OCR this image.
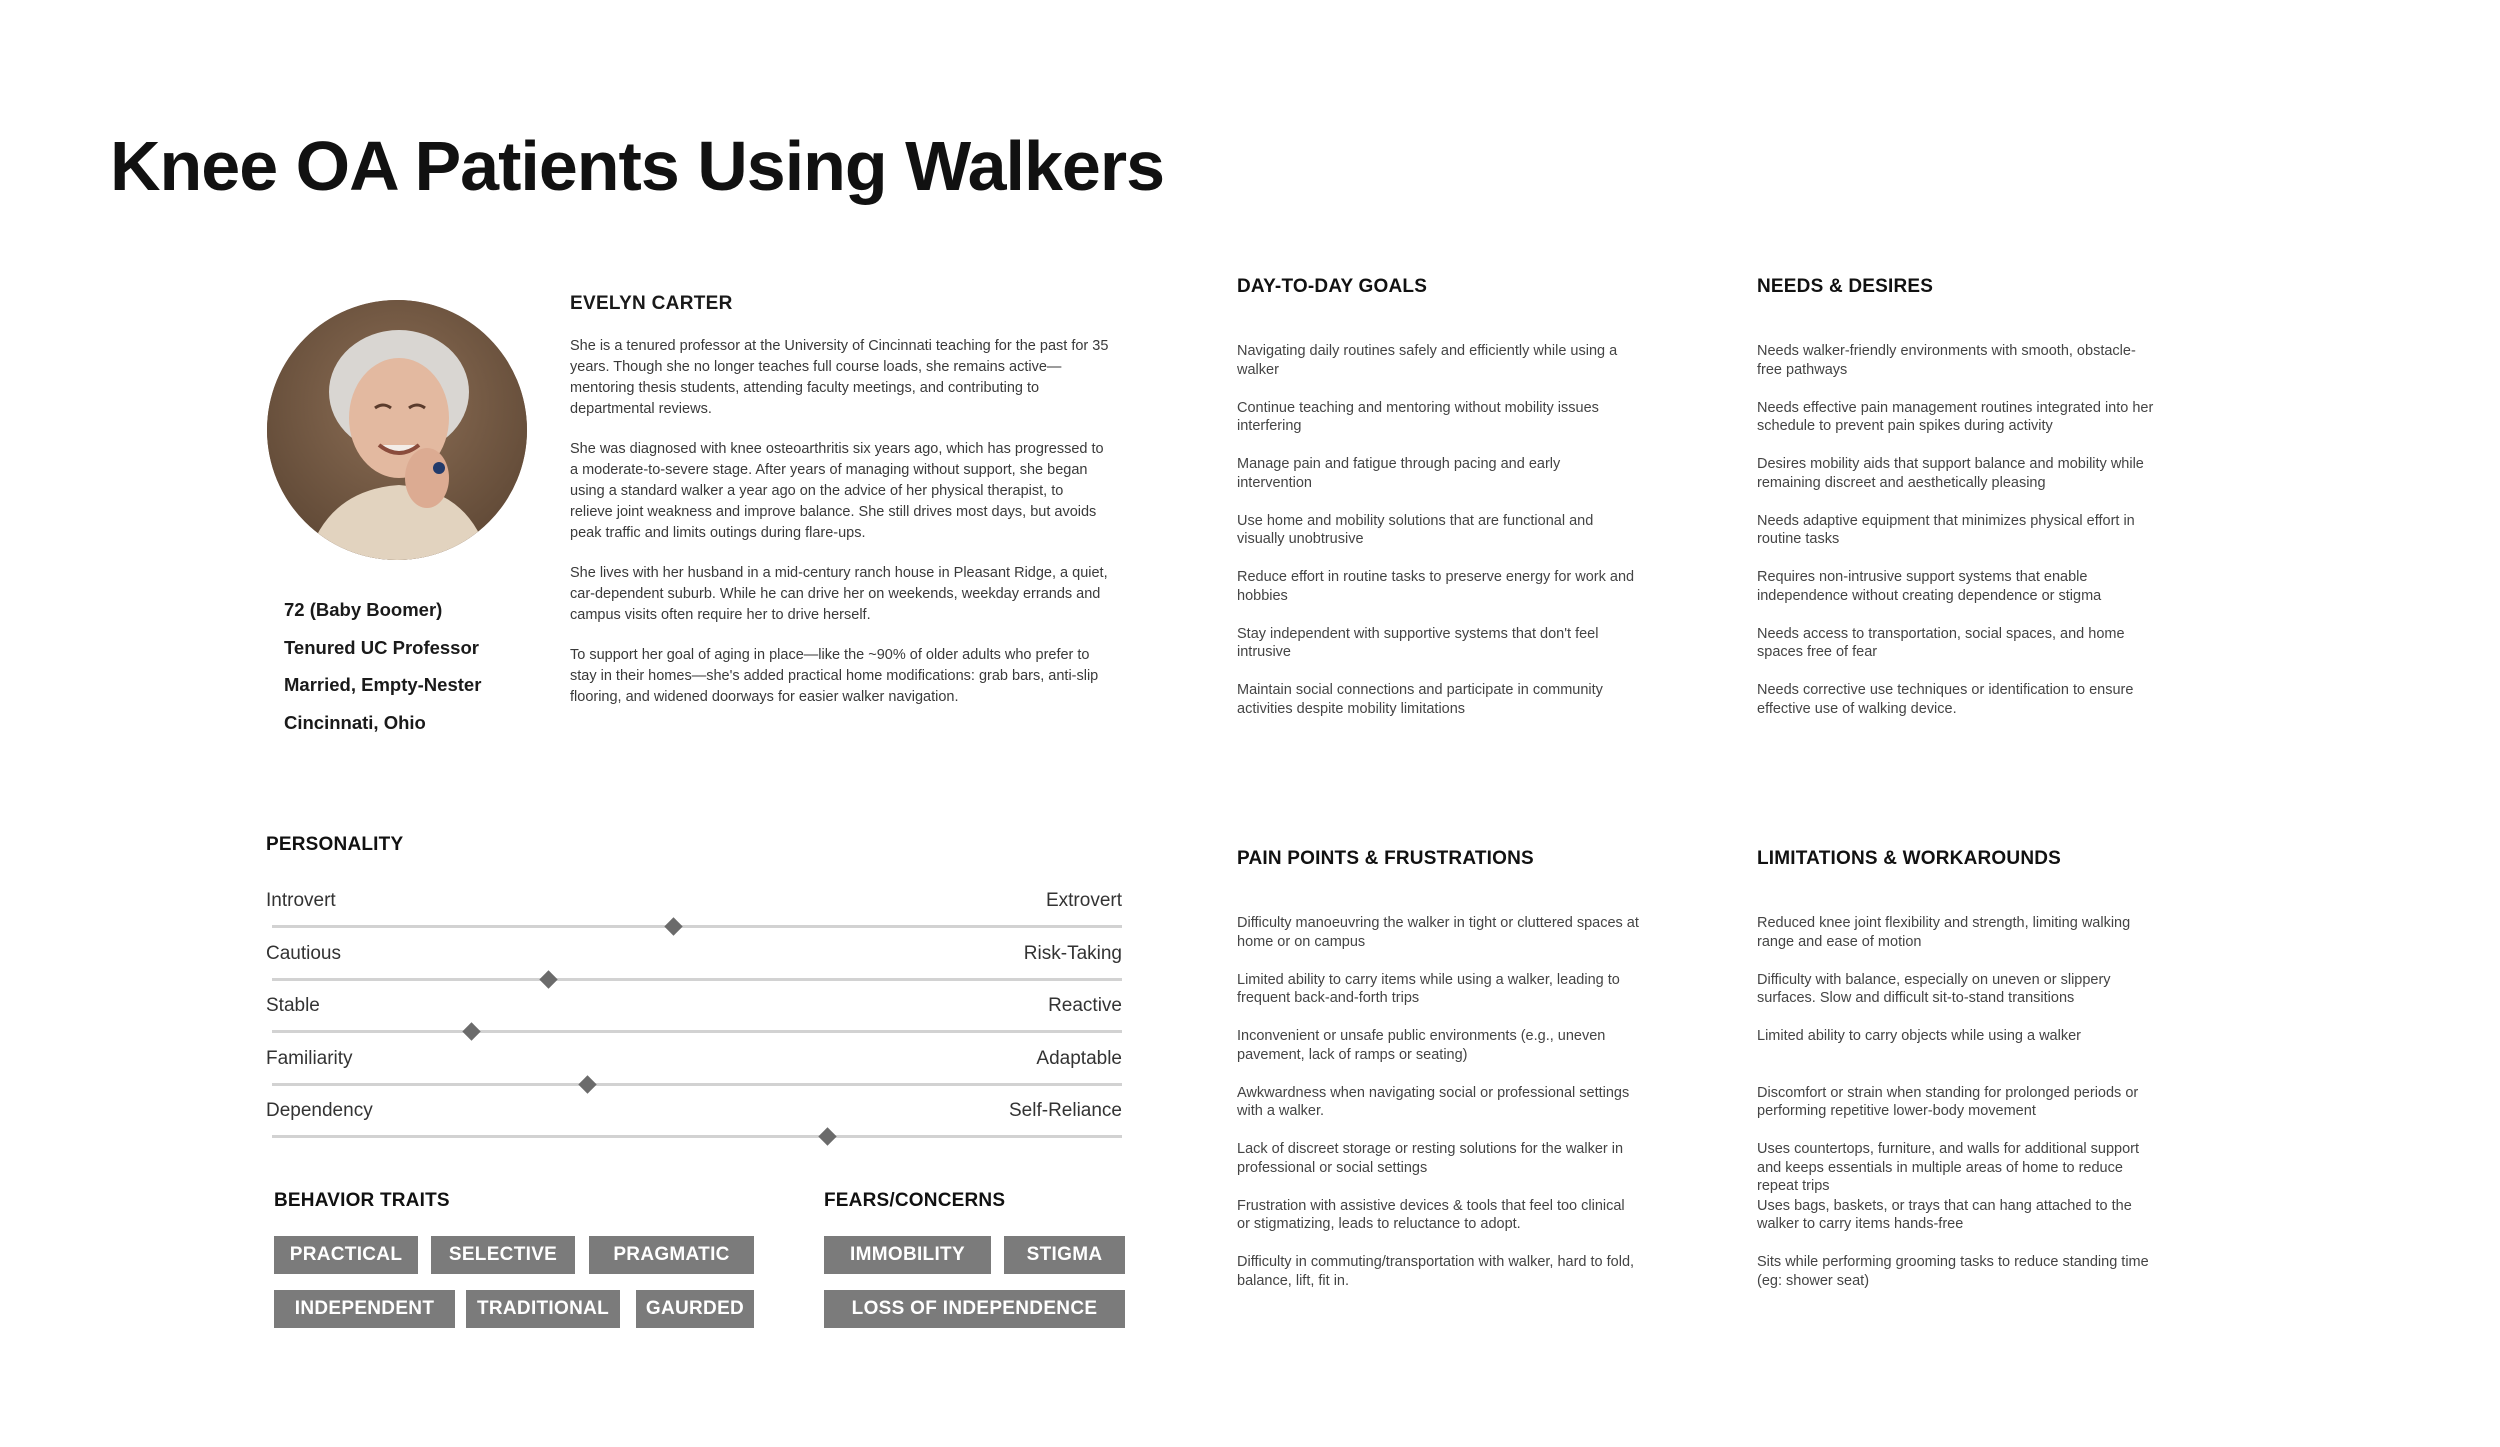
Knee OA Patients Using Walkers
EVELYN CARTER

She is a tenured professor at the University of Cincinnati teaching for the past for 35 years. Though she no longer teaches full course loads, she remains active—mentoring thesis students, attending faculty meetings, and contributing to departmental reviews.

She was diagnosed with knee osteoarthritis six years ago, which has progressed to a moderate-to-severe stage. After years of managing without support, she began using a standard walker a year ago on the advice of her physical therapist, to relieve joint weakness and improve balance. She still drives most days, but avoids peak traffic and limits outings during flare-ups.

She lives with her husband in a mid-century ranch house in Pleasant Ridge, a quiet, car-dependent suburb. While he can drive her on weekends, weekday errands and campus visits often require her to drive herself.

To support her goal of aging in place—like the ~90% of older adults who prefer to stay in their homes—she's added practical home modifications: grab bars, anti-slip flooring, and widened doorways for easier walker navigation.

72 (Baby Boomer)
Tenured UC Professor
Married, Empty-Nester
Cincinnati, Ohio
DAY-TO-DAY GOALS
Navigating daily routines safely and efficiently while using a walker
Continue teaching and mentoring without mobility issues interfering
Manage pain and fatigue through pacing and early intervention
Use home and mobility solutions that are functional and visually unobtrusive
Reduce effort in routine tasks to preserve energy for work and hobbies
Stay independent with supportive systems that don't feel intrusive
Maintain social connections and participate in community activities despite mobility limitations
NEEDS & DESIRES
Needs walker-friendly environments with smooth, obstacle-free pathways
Needs effective pain management routines integrated into her schedule to prevent pain spikes during activity
Desires mobility aids that support balance and mobility while remaining discreet and aesthetically pleasing
Needs adaptive equipment that minimizes physical effort in routine tasks
Requires non-intrusive support systems that enable independence without creating dependence or stigma
Needs access to transportation, social spaces, and home spaces free of fear
Needs corrective use techniques or identification to ensure effective use of walking device.
PAIN POINTS & FRUSTRATIONS
Difficulty manoeuvring the walker in tight or cluttered spaces at home or on campus
Limited ability to carry items while using a walker, leading to frequent back-and-forth trips
Inconvenient or unsafe public environments (e.g., uneven pavement, lack of ramps or seating)
Awkwardness when navigating social or professional settings with a walker.
Lack of discreet storage or resting solutions for the walker in professional or social settings
Frustration with assistive devices & tools that feel too clinical or stigmatizing, leads to reluctance to adopt.
Difficulty in commuting/transportation with walker, hard to fold, balance, lift, fit in.
LIMITATIONS & WORKAROUNDS
Reduced knee joint flexibility and strength, limiting walking range and ease of motion
Difficulty with balance, especially on uneven or slippery surfaces. Slow and difficult sit-to-stand transitions
Limited ability to carry objects while using a walker
Discomfort or strain when standing for prolonged periods or performing repetitive lower-body movement
Uses countertops, furniture, and walls for additional support and keeps essentials in multiple areas of home to reduce repeat trips
Uses bags, baskets, or trays that can hang attached to the walker to carry items hands-free
Sits while performing grooming tasks to reduce standing time (eg: shower seat)
PERSONALITY
Introvert	Extrovert
Cautious	Risk-Taking
Stable	Reactive
Familiarity	Adaptable
Dependency	Self-Reliance
BEHAVIOR TRAITS
PRACTICAL	SELECTIVE	PRAGMATIC
INDEPENDENT	TRADITIONAL	GAURDED
FEARS/CONCERNS
IMMOBILITY	STIGMA
LOSS OF INDEPENDENCE
